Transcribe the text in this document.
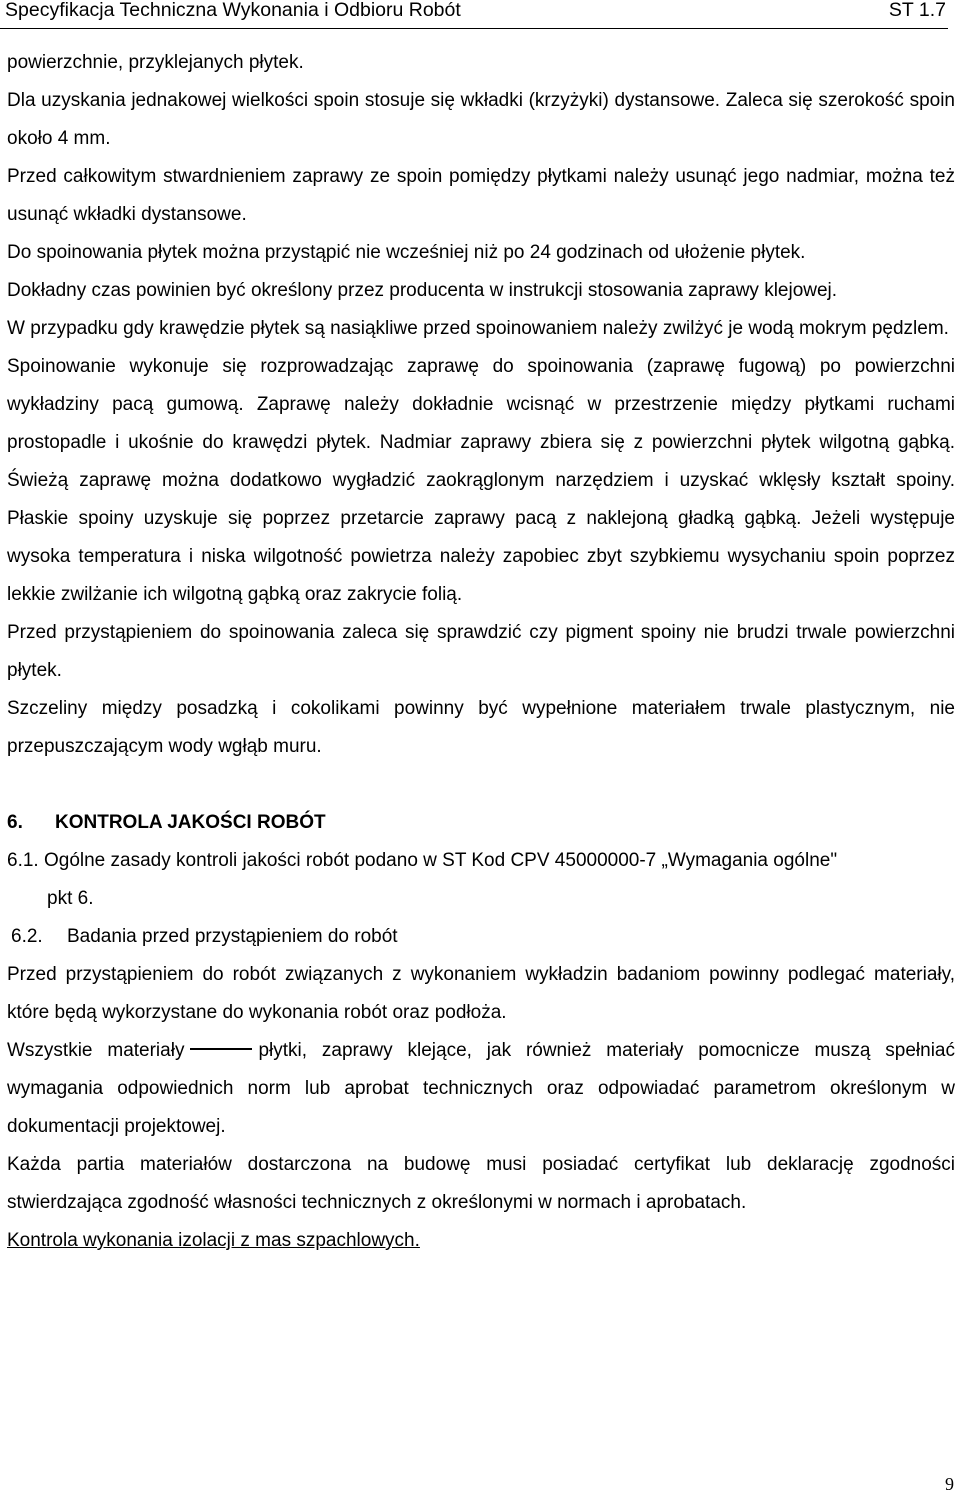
Specyfikacja Techniczna Wykonania i Odbioru Robót	ST 1.7

powierzchnie, przyklejanych płytek.

Dla uzyskania jednakowej wielkości spoin stosuje się wkładki (krzyżyki) dystansowe. Zaleca się szerokość spoin około 4 mm.

Przed całkowitym stwardnieniem zaprawy ze spoin pomiędzy płytkami należy usunąć jego nadmiar, można też usunąć wkładki dystansowe.

Do spoinowania płytek można przystąpić nie wcześniej niż po 24 godzinach od ułożenie płytek.

Dokładny czas powinien być określony przez producenta w instrukcji stosowania zaprawy klejowej.

W przypadku gdy krawędzie płytek są nasiąkliwe przed spoinowaniem należy zwilżyć je wodą mokrym pędzlem.

Spoinowanie wykonuje się rozprowadzając zaprawę do spoinowania (zaprawę fugową) po powierzchni wykładziny pacą gumową. Zaprawę należy dokładnie wcisnąć w przestrzenie między płytkami ruchami prostopadle i ukośnie do krawędzi płytek. Nadmiar zaprawy zbiera się z powierzchni płytek wilgotną gąbką. Świeżą zaprawę można dodatkowo wygładzić zaokrąglonym narzędziem i uzyskać wklęsły kształt spoiny. Płaskie spoiny uzyskuje się poprzez przetarcie zaprawy pacą z naklejoną gładką gąbką. Jeżeli występuje wysoka temperatura i niska wilgotność powietrza należy zapobiec zbyt szybkiemu wysychaniu spoin poprzez lekkie zwilżanie ich wilgotną gąbką oraz zakrycie folią.

Przed przystąpieniem do spoinowania zaleca się sprawdzić czy pigment spoiny nie brudzi trwale powierzchni płytek.

Szczeliny między posadzką i cokolikami powinny być wypełnione materiałem trwale plastycznym, nie przepuszczającym wody wgłąb muru.

6. KONTROLA JAKOŚCI ROBÓT
6.1. Ogólne zasady kontroli jakości robót podano w ST Kod CPV 45000000-7 „Wymagania ogólne"
pkt 6.
6.2. Badania przed przystąpieniem do robót

Przed przystąpieniem do robót związanych z wykonaniem wykładzin badaniom powinny podlegać materiały, które będą wykorzystane do wykonania robót oraz podłoża.

Wszystkie materiały	płytki, zaprawy klejące, jak również materiały pomocnicze muszą spełniać wymagania odpowiednich norm lub aprobat technicznych oraz odpowiadać parametrom określonym w dokumentacji projektowej.

Każda partia materiałów dostarczona na budowę musi posiadać certyfikat lub deklarację zgodności stwierdzająca zgodność własności technicznych z określonymi w normach i aprobatach.

Kontrola wykonania izolacji z mas szpachlowych.

9
